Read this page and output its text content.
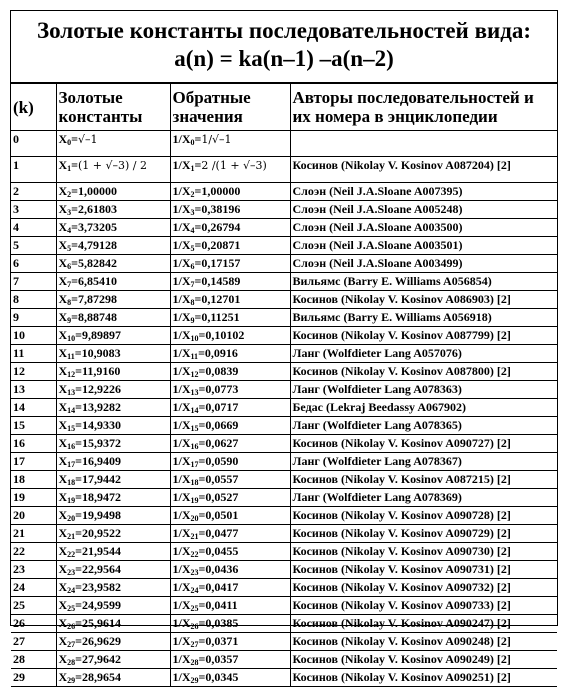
Золотые константы последовательностей вида:
a(n) = ka(n–1) –a(n–2)
(k)	Золотые константы	Обратные значения	Авторы последовательностей и их номера в энциклопедии
0	$X_0=√-1$	$1/X_0=1/√-1$	
1	$X_1=(1 + √-3) / 2$	$1/X_1=2$ /(1 + √–3)	Косинов (Nikolay V. Kosinov A087204) [2]
2	$X_2=1,00000$	$1/X_2=1,00000$	Слоэн (Neil J.A.Sloane A007395)
3	$X_3=2,61803$	$1/X_3=0,38196$	Слоэн (Neil J.A.Sloane A005248)
4	$X_4=3,73205$	$1/X_4=0,26794$	Слоэн (Neil J.A.Sloane A003500)
5	$X_5=4,79128$	$1/X_5=0,20871$	Слоэн (Neil J.A.Sloane A003501)
6	$X_6=5,82842$	$1/X_6=0,17157$	Слоэн (Neil J.A.Sloane A003499)
7	$X_7=6,85410$	$1/X_7=0,14589$	Вильямс (Barry E. Williams A056854)
8	$X_8=7,87298$	$1/X_8=0,12701$	Косинов (Nikolay V. Kosinov A086903) [2]
9	$X_9=8,88748$	$1/X_9=0,11251$	Вильямс (Barry E. Williams A056918)
10	$X_{10}=9,89897$	$1/X_{10}=0,10102$	Косинов (Nikolay V. Kosinov A087799) [2]
11	$X_{11}=10,9083$	$1/X_{11}=0,0916$	Ланг (Wolfdieter Lang A057076)
12	$X_{12}=11,9160$	$1/X_{12}=0,0839$	Косинов (Nikolay V. Kosinov A087800) [2]
13	$X_{13}=12,9226$	$1/X_{13}=0,0773$	Ланг (Wolfdieter Lang A078363)
14	$X_{14}=13,9282$	$1/X_{14}=0,0717$	Бедас (Lekraj Beedassy A067902)
15	$X_{15}=14,9330$	$1/X_{15}=0,0669$	Ланг (Wolfdieter Lang A078365)
16	$X_{16}=15,9372$	$1/X_{16}=0,0627$	Косинов (Nikolay V. Kosinov A090727) [2]
17	$X_{17}=16,9409$	$1/X_{17}=0,0590$	Ланг (Wolfdieter Lang A078367)
18	$X_{18}=17,9442$	$1/X_{18}=0,0557$	Косинов (Nikolay V. Kosinov A087215) [2]
19	$X_{19}=18,9472$	$1/X_{19}=0,0527$	Ланг (Wolfdieter Lang A078369)
20	$X_{20}=19,9498$	$1/X_{20}=0,0501$	Косинов (Nikolay V. Kosinov A090728) [2]
21	$X_{21}=20,9522$	$1/X_{21}=0,0477$	Косинов (Nikolay V. Kosinov A090729) [2]
22	$X_{22}=21,9544$	$1/X_{22}=0,0455$	Косинов (Nikolay V. Kosinov A090730) [2]
23	$X_{23}=22,9564$	$1/X_{23}=0,0436$	Косинов (Nikolay V. Kosinov A090731) [2]
24	$X_{24}=23,9582$	$1/X_{24}=0,0417$	Косинов (Nikolay V. Kosinov A090732) [2]
25	$X_{25}=24,9599$	$1/X_{25}=0,0411$	Косинов (Nikolay V. Kosinov A090733) [2]
26	$X_{26}=25,9614$	$1/X_{26}=0,0385$	Косинов (Nikolay V. Kosinov A090247) [2]
27	$X_{27}=26,9629$	$1/X_{27}=0,0371$	Косинов (Nikolay V. Kosinov A090248) [2]
28	$X_{28}=27,9642$	$1/X_{28}=0,0357$	Косинов (Nikolay V. Kosinov A090249) [2]
29	$X_{29}=28,9654$	$1/X_{29}=0,0345$	Косинов (Nikolay V. Kosinov A090251) [2]
